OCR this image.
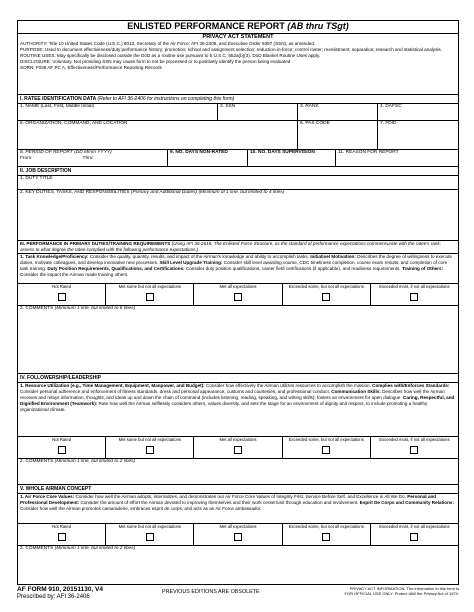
ENLISTED PERFORMANCE REPORT (AB thru TSgt)
PRIVACY ACT STATEMENT
AUTHORITY: Title 10 United States Code (U.S.C.) 8013, Secretary of the Air Force; AFI 36-2406, and Executive Order 9397 (SSN), as amended.
PURPOSE: Used to document effectiveness/duty performance history; promotion; school and assignment selection; reduction-in-force; control roster; reenlistment; separation; research and statistical analysis.
ROUTINE USES: May specifically be disclosed outside the DoD as a routine use pursuant to 5 U.S.C. 552a(b)(3). DoD Blanket Routine Uses apply.
DISCLOSURE: Voluntary. Not providing SSN may cause form to not be processed or to positively identify the person being evaluated
SORN: F036 AF PC A, Effectiveness/Performance Reporting Records
I. RATEE IDENTIFICATION DATA (Refer to AFI 36-2406 for instructions on completing this form)
1. NAME (Last, First, Middle Initial)	2. SSN	3. RANK	4. DAFSC
5. ORGANIZATION, COMMAND, AND LOCATION	6. PAS CODE	7. FDID
8. PERIOD OF REPORT (DD Mmm YYYY)
From:	Thru:
9. NO. DAYS NON-RATED	10. NO. DAYS SUPERVISION	11. REASON FOR REPORT
II. JOB DESCRIPTION
1. DUTY TITLE
2. KEY DUTIES, TASKS, AND RESPONSIBILITIES (Primary and Additional Duties) (Minimum of 1 line, but limited to 4 lines)
III. PERFORMANCE IN PRIMARY DUTIES/TRAINING REQUIREMENTS (Using AFI 36-2618, The Enlisted Force Structure, as the standard of performance expectations commensurate with the ratee's rank; assess to what degree the ratee complied with the following performance expectations.)
1. Task Knowledge/Proficiency: Consider the quality, quantity, results, and impact of the Airman's knowledge and ability to accomplish tasks. Initiative/ Motivation: Describes the degree of willingness to execute duties, motivate colleagues, and develop innovative new processes. Skill Level Upgrade Training: Consider skill level awarding course, CDC timeliness completion, course exam results, and completion of core task training. Duty Position Requirements, Qualifications, and Certifications: Consider duty position qualifications, career field certifications (if applicable), and readiness requirements. Training of Others: Consider the impact the Airman made training others.
Not Rated	Met some but not all expectations	Met all expectations	Exceeded some, but not all expectations	Exceeded most, if not all expectations
2. COMMENTS (Minimum 1 line, but limited to 6 lines)
IV. FOLLOWERSHIP/LEADERSHIP
1. Resource Utilization (e.g., Time Management, Equipment, Manpower, and Budget): Consider how effectively the Airman utilizes resources to accomplish the mission. Complies with/Enforces Standards: Consider personal adherence and enforcement of fitness standards, dress and personal appearance, customs and courtesies, and professional conduct. Communication Skills: Describes how well the Airman receives and relays information, thoughts, and ideas up and down the chain of command (includes listening, reading, speaking, and writing skills); fosters an environment for open dialogue. Caring, Respectful, and Dignified Environment (Teamwork): Rate how well the Airman selflessly considers others, values diversity, and sets the stage for an environment of dignity and respect, to include promoting a healthy organizational climate.
Not Rated	Met some but not all expectations	Met all expectations	Exceeded some, but not all expectations	Exceeded most, if not all expectations
2. COMMENTS (Minimum 1 line, but limited to 2 lines)
V. WHOLE AIRMAN CONCEPT
1. Air Force Core Values: Consider how well the Airman adopts, internalizes, and demonstrates our Air Force Core Values of Integrity First, Service Before Self, and Excellence in All We Do. Personal and Professional Development: Consider the amount of effort the Airman devoted to improving themselves and their work center/unit through education and involvement. Esprit De Corps and Community Relations: Consider how well the Airman promotes camaraderie, embraces esprit de corps, and acts as an Air Force ambassador.
Not Rated	Met some but not all expectations	Met all expectations	Exceeded some, but not all expectations	Exceeded most, if not all expectations
2. COMMENTS (Minimum 1 line, but limited to 2 lines)
AF FORM 910, 20151130, V4
Prescribed by: AFI 36-2406
PREVIOUS EDITIONS ARE OBSOLETE
PRIVACY ACT INFORMATION: The information in this form is
FOR OFFICIAL USE ONLY. Protect IAW the Privacy Act of 1974.
